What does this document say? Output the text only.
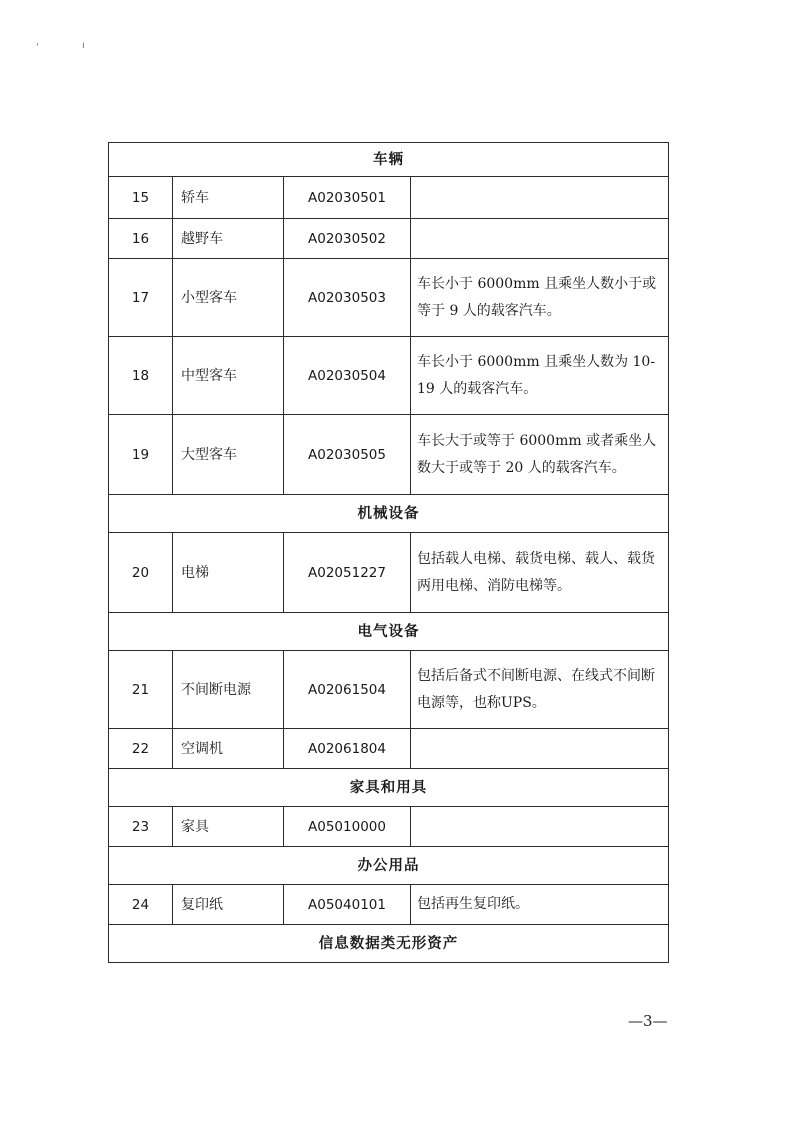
'	ı
车辆			
15	轿车	A02030501	
16	越野车	A02030502	
17	小型客车	A02030503	车长小于 6000mm 且乘坐人数小于或等于 9 人的载客汽车。
18	中型客车	A02030504	车长小于 6000mm 且乘坐人数为 10-19 人的载客汽车。
19	大型客车	A02030505	车长大于或等于 6000mm 或者乘坐人数大于或等于 20 人的载客汽车。
机械设备			
20	电梯	A02051227	包括载人电梯、载货电梯、载人、载货两用电梯、消防电梯等。
电气设备			
21	不间断电源	A02061504	包括后备式不间断电源、在线式不间断电源等，也称UPS。
22	空调机	A02061804	
家具和用具			
23	家具	A05010000	
办公用品			
24	复印纸	A05040101	包括再生复印纸。
信息数据类无形资产			
—3—
